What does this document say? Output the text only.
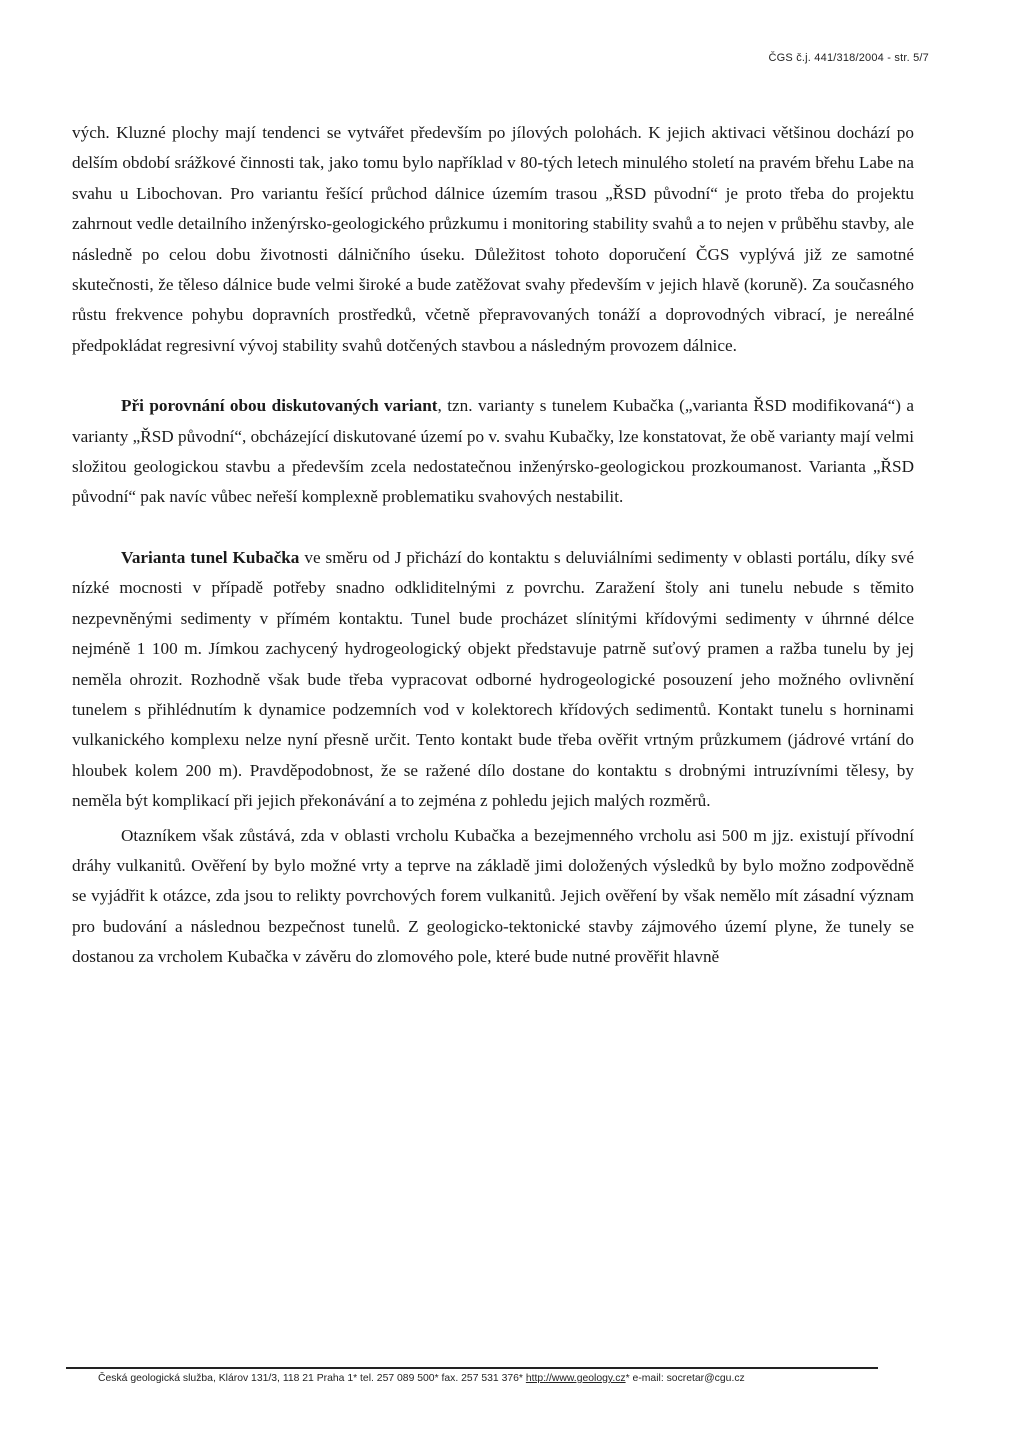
ČGS č.j. 441/318/2004 - str. 5/7

vých. Kluzné plochy mají tendenci se vytvářet především po jílových polohách. K jejich aktivaci většinou dochází po delším období srážkové činnosti tak, jako tomu bylo například v 80-tých letech minulého století na pravém břehu Labe na svahu u Libochovan. Pro variantu řešící průchod dálnice územím trasou „ŘSD původní“ je proto třeba do projektu zahrnout vedle detailního inženýrsko-geologického průzkumu i monitoring stability svahů a to nejen v průběhu stavby, ale následně po celou dobu životnosti dálničního úseku. Důležitost tohoto doporučení ČGS vyplývá již ze samotné skutečnosti, že těleso dálnice bude velmi široké a bude zatěžovat svahy především v jejich hlavě (koruně). Za současného růstu frekvence pohybu dopravních prostředků, včetně přepravovaných tonáží a doprovodných vibrací, je nereálné předpokládat regresivní vývoj stability svahů dotčených stavbou a následným provozem dálnice.

Při porovnání obou diskutovaných variant, tzn. varianty s tunelem Kubačka („varianta ŘSD modifikovaná“) a varianty „ŘSD původní“, obcházející diskutované území po v. svahu Kubačky, lze konstatovat, že obě varianty mají velmi složitou geologickou stavbu a především zcela nedostatečnou inženýrsko-geologickou prozkoumanost. Varianta „ŘSD původní“ pak navíc vůbec neřeší komplexně problematiku svahových nestabilit.

Varianta tunel Kubačka ve směru od J přichází do kontaktu s deluviálními sedimenty v oblasti portálu, díky své nízké mocnosti v případě potřeby snadno odkliditelnými z povrchu. Zaražení štoly ani tunelu nebude s těmito nezpevněnými sedimenty v přímém kontaktu. Tunel bude procházet slínitými křídovými sedimenty v úhrnné délce nejméně 1 100 m. Jímkou zachycený hydrogeologický objekt představuje patrně suťový pramen a ražba tunelu by jej neměla ohrozit. Rozhodně však bude třeba vypracovat odborné hydrogeologické posouzení jeho možného ovlivnění tunelem s přihlédnutím k dynamice podzemních vod v kolektorech křídových sedimentů. Kontakt tunelu s horninami vulkanického komplexu nelze nyní přesně určit. Tento kontakt bude třeba ověřit vrtným průzkumem (jádrové vrtání do hloubek kolem 200 m). Pravděpodobnost, že se ražené dílo dostane do kontaktu s drobnými intruzívními tělesy, by neměla být komplikací při jejich překonávání a to zejména z pohledu jejich malých rozměrů.

Otazníkem však zůstává, zda v oblasti vrcholu Kubačka a bezejmenného vrcholu asi 500 m jjz. existují přívodní dráhy vulkanitů. Ověření by bylo možné vrty a teprve na základě jimi doložených výsledků by bylo možno zodpovědně se vyjádřit k otázce, zda jsou to relikty povrchových forem vulkanitů. Jejich ověření by však nemělo mít zásadní význam pro budování a následnou bezpečnost tunelů. Z geologicko-tektonické stavby zájmového území plyne, že tunely se dostanou za vrcholem Kubačka v závěru do zlomového pole, které bude nutné prověřit hlavně

Česká geologická služba, Klárov 131/3, 118 21 Praha 1* tel. 257 089 500* fax. 257 531 376* http://www.geology.cz* e-mail: socretar@cgu.cz
